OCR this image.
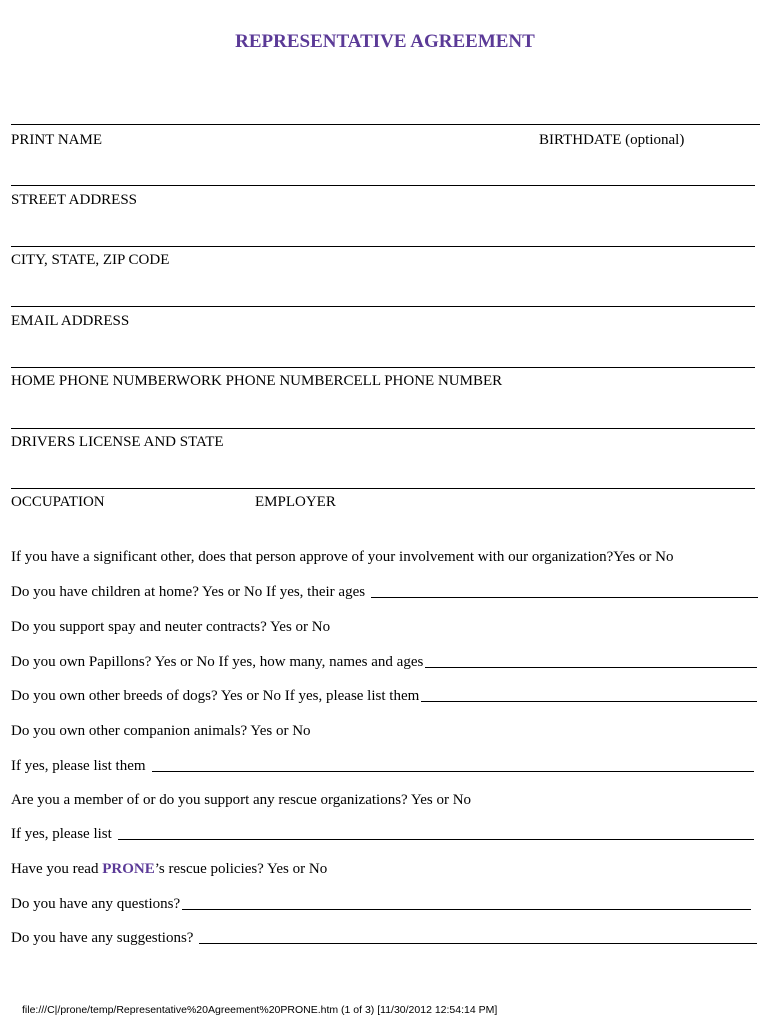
REPRESENTATIVE AGREEMENT
PRINT NAME	BIRTHDATE (optional)
STREET ADDRESS
CITY, STATE, ZIP CODE
EMAIL ADDRESS
HOME PHONE NUMBERWORK PHONE NUMBERCELL PHONE NUMBER
DRIVERS LICENSE AND STATE
OCCUPATION	EMPLOYER
If you have a significant other, does that person approve of your involvement with our organization?Yes or No
Do you have children at home? Yes or No If yes, their ages
Do you support spay and neuter contracts? Yes or No
Do you own Papillons? Yes or No If yes, how many, names and ages
Do you own other breeds of dogs? Yes or No If yes, please list them
Do you own other companion animals? Yes or No
If yes, please list them
Are you a member of or do you support any rescue organizations? Yes or No
If yes, please list
Have you read PRONE’s rescue policies? Yes or No
Do you have any questions?
Do you have any suggestions?
file:///C|/prone/temp/Representative%20Agreement%20PRONE.htm (1 of 3) [11/30/2012 12:54:14 PM]
